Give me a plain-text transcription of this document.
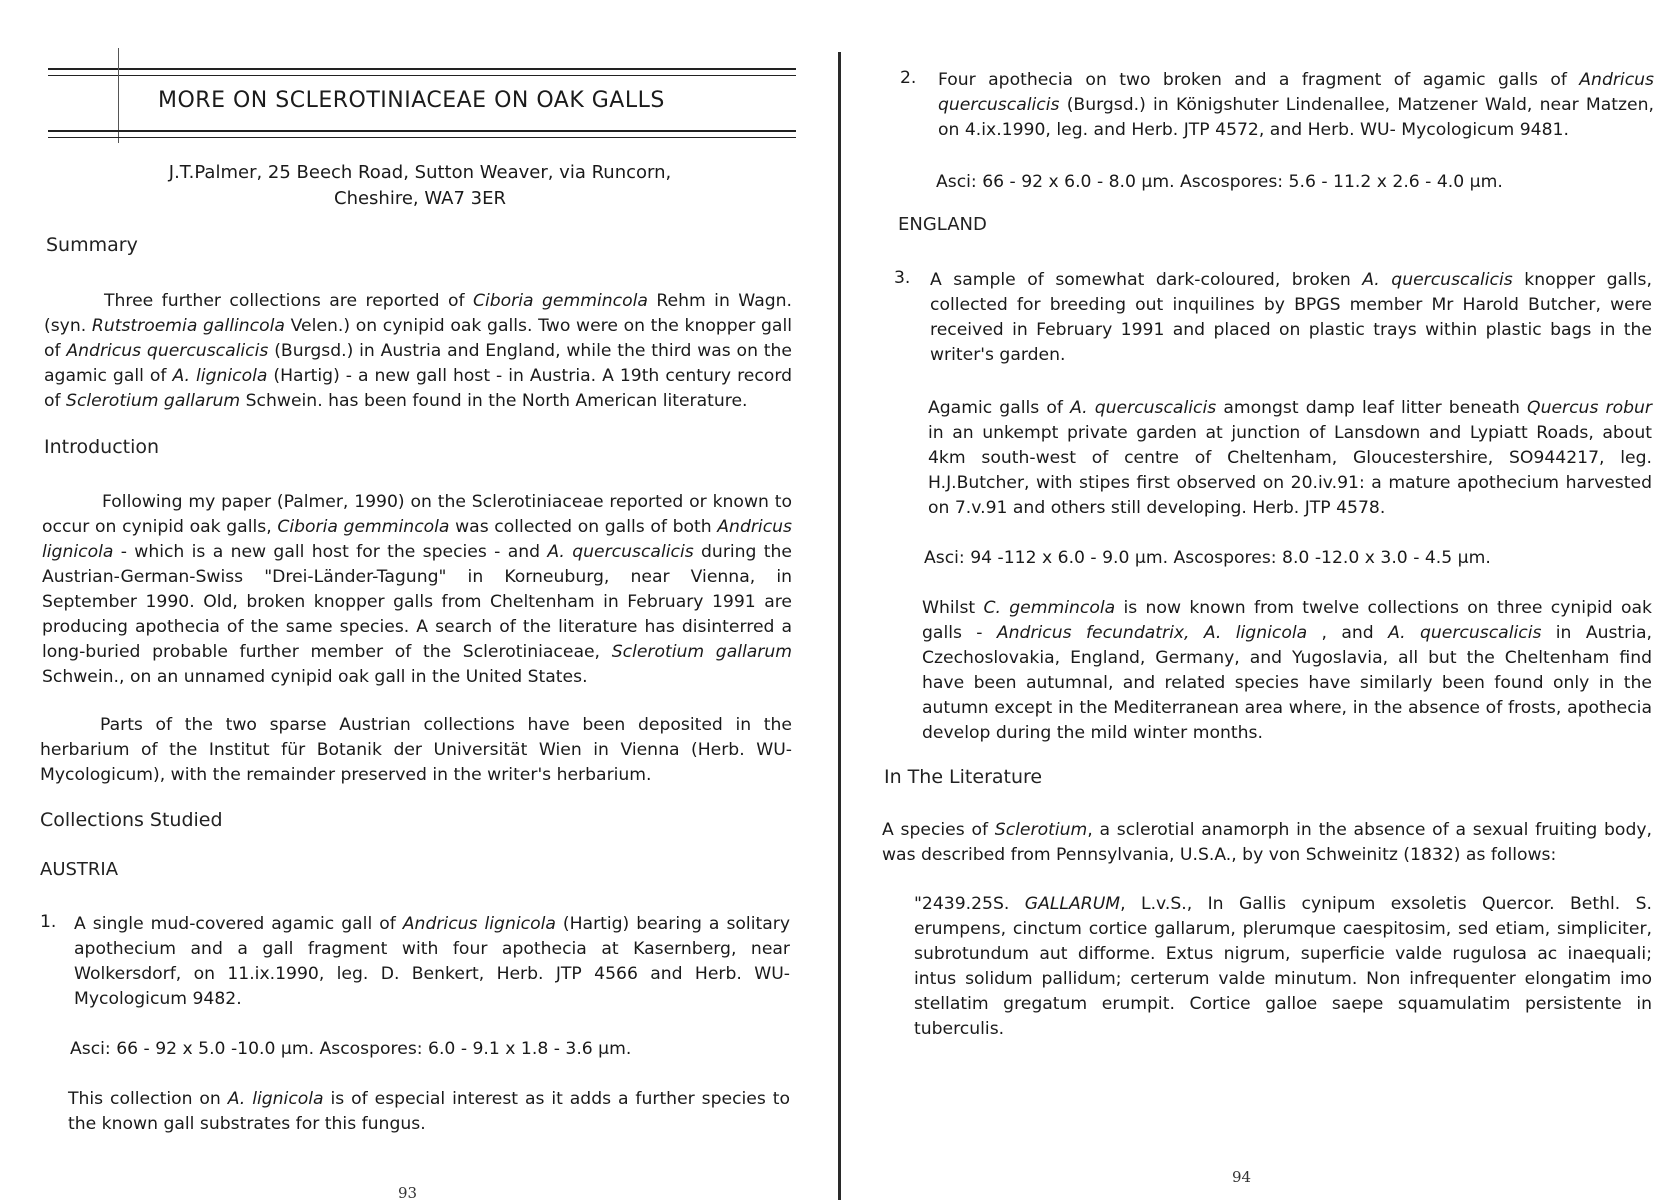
MORE ON SCLEROTINIACEAE ON OAK GALLS
J.T.Palmer, 25 Beech Road, Sutton Weaver, via Runcorn,
Cheshire, WA7 3ER
Summary
Three further collections are reported of Ciboria gemmincola Rehm in Wagn. (syn. Rutstroemia gallincola Velen.) on cynipid oak galls. Two were on the knopper gall of Andricus quercuscalicis (Burgsd.) in Austria and England, while the third was on the agamic gall of A. lignicola (Hartig) - a new gall host - in Austria. A 19th century record of Sclerotium gallarum Schwein. has been found in the North American literature.
Introduction
Following my paper (Palmer, 1990) on the Sclerotiniaceae reported or known to occur on cynipid oak galls, Ciboria gemmincola was collected on galls of both Andricus lignicola - which is a new gall host for the species - and A. quercuscalicis during the Austrian-German-Swiss "Drei-Länder-Tagung" in Korneuburg, near Vienna, in September 1990. Old, broken knopper galls from Cheltenham in February 1991 are producing apothecia of the same species. A search of the literature has disinterred a long-buried probable further member of the Sclerotiniaceae, Sclerotium gallarum Schwein., on an unnamed cynipid oak gall in the United States.
Parts of the two sparse Austrian collections have been deposited in the herbarium of the Institut für Botanik der Universität Wien in Vienna (Herb. WU-Mycologicum), with the remainder preserved in the writer's herbarium.
Collections Studied
AUSTRIA
1. A single mud-covered agamic gall of Andricus lignicola (Hartig) bearing a solitary apothecium and a gall fragment with four apothecia at Kasernberg, near Wolkersdorf, on 11.ix.1990, leg. D. Benkert, Herb. JTP 4566 and Herb. WU-Mycologicum 9482.
Asci: 66 - 92 x 5.0 -10.0 µm. Ascospores: 6.0 - 9.1 x 1.8 - 3.6 µm.
This collection on A. lignicola is of especial interest as it adds a further species to the known gall substrates for this fungus.
93
2. Four apothecia on two broken and a fragment of agamic galls of Andricus quercuscalicis (Burgsd.) in Königshuter Lindenallee, Matzener Wald, near Matzen, on 4.ix.1990, leg. and Herb. JTP 4572, and Herb. WU- Mycologicum 9481.
Asci: 66 - 92 x 6.0 - 8.0 µm. Ascospores: 5.6 - 11.2 x 2.6 - 4.0 µm.
ENGLAND
3. A sample of somewhat dark-coloured, broken A. quercuscalicis knopper galls, collected for breeding out inquilines by BPGS member Mr Harold Butcher, were received in February 1991 and placed on plastic trays within plastic bags in the writer's garden.
Agamic galls of A. quercuscalicis amongst damp leaf litter beneath Quercus robur in an unkempt private garden at junction of Lansdown and Lypiatt Roads, about 4km south-west of centre of Cheltenham, Gloucestershire, SO944217, leg. H.J.Butcher, with stipes first observed on 20.iv.91: a mature apothecium harvested on 7.v.91 and others still developing. Herb. JTP 4578.
Asci: 94 -112 x 6.0 - 9.0 µm. Ascospores: 8.0 -12.0 x 3.0 - 4.5 µm.
Whilst C. gemmincola is now known from twelve collections on three cynipid oak galls - Andricus fecundatrix, A. lignicola , and A. quercuscalicis in Austria, Czechoslovakia, England, Germany, and Yugoslavia, all but the Cheltenham find have been autumnal, and related species have similarly been found only in the autumn except in the Mediterranean area where, in the absence of frosts, apothecia develop during the mild winter months.
In The Literature
A species of Sclerotium, a sclerotial anamorph in the absence of a sexual fruiting body, was described from Pennsylvania, U.S.A., by von Schweinitz (1832) as follows:
"2439.25S. GALLARUM, L.v.S., In Gallis cynipum exsoletis Quercor. Bethl. S. erumpens, cinctum cortice gallarum, plerumque caespitosim, sed etiam, simpliciter, subrotundum aut difforme. Extus nigrum, superficie valde rugulosa ac inaequali; intus solidum pallidum; certerum valde minutum. Non infrequenter elongatim imo stellatim gregatum erumpit. Cortice galloe saepe squamulatim persistente in tuberculis.
94
